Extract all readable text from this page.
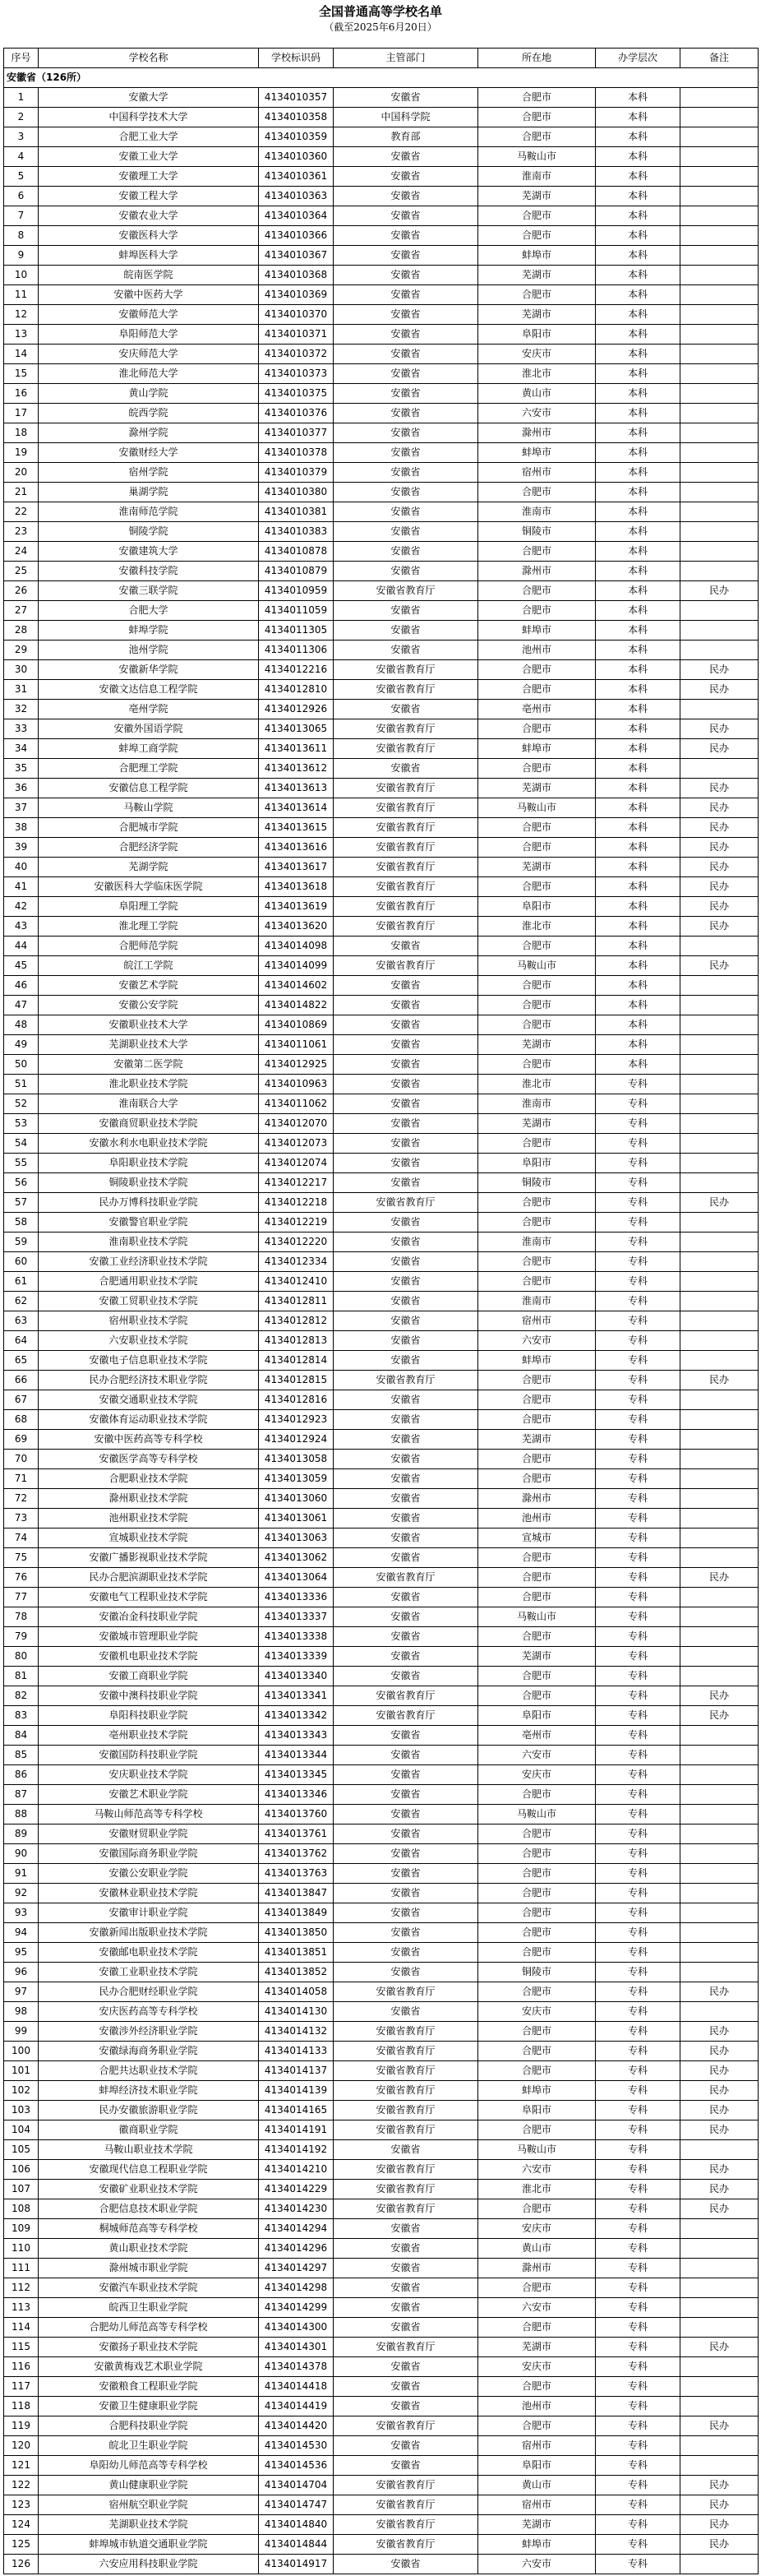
全国普通高等学校名单
（截至2025年6月20日）
序号	学校名称	学校标识码	主管部门	所在地	办学层次	备注
安徽省（126所）						
1	安徽大学	4134010357	安徽省	合肥市	本科	
2	中国科学技术大学	4134010358	中国科学院	合肥市	本科	
3	合肥工业大学	4134010359	教育部	合肥市	本科	
4	安徽工业大学	4134010360	安徽省	马鞍山市	本科	
5	安徽理工大学	4134010361	安徽省	淮南市	本科	
6	安徽工程大学	4134010363	安徽省	芜湖市	本科	
7	安徽农业大学	4134010364	安徽省	合肥市	本科	
8	安徽医科大学	4134010366	安徽省	合肥市	本科	
9	蚌埠医科大学	4134010367	安徽省	蚌埠市	本科	
10	皖南医学院	4134010368	安徽省	芜湖市	本科	
11	安徽中医药大学	4134010369	安徽省	合肥市	本科	
12	安徽师范大学	4134010370	安徽省	芜湖市	本科	
13	阜阳师范大学	4134010371	安徽省	阜阳市	本科	
14	安庆师范大学	4134010372	安徽省	安庆市	本科	
15	淮北师范大学	4134010373	安徽省	淮北市	本科	
16	黄山学院	4134010375	安徽省	黄山市	本科	
17	皖西学院	4134010376	安徽省	六安市	本科	
18	滁州学院	4134010377	安徽省	滁州市	本科	
19	安徽财经大学	4134010378	安徽省	蚌埠市	本科	
20	宿州学院	4134010379	安徽省	宿州市	本科	
21	巢湖学院	4134010380	安徽省	合肥市	本科	
22	淮南师范学院	4134010381	安徽省	淮南市	本科	
23	铜陵学院	4134010383	安徽省	铜陵市	本科	
24	安徽建筑大学	4134010878	安徽省	合肥市	本科	
25	安徽科技学院	4134010879	安徽省	滁州市	本科	
26	安徽三联学院	4134010959	安徽省教育厅	合肥市	本科	民办
27	合肥大学	4134011059	安徽省	合肥市	本科	
28	蚌埠学院	4134011305	安徽省	蚌埠市	本科	
29	池州学院	4134011306	安徽省	池州市	本科	
30	安徽新华学院	4134012216	安徽省教育厅	合肥市	本科	民办
31	安徽文达信息工程学院	4134012810	安徽省教育厅	合肥市	本科	民办
32	亳州学院	4134012926	安徽省	亳州市	本科	
33	安徽外国语学院	4134013065	安徽省教育厅	合肥市	本科	民办
34	蚌埠工商学院	4134013611	安徽省教育厅	蚌埠市	本科	民办
35	合肥理工学院	4134013612	安徽省	合肥市	本科	
36	安徽信息工程学院	4134013613	安徽省教育厅	芜湖市	本科	民办
37	马鞍山学院	4134013614	安徽省教育厅	马鞍山市	本科	民办
38	合肥城市学院	4134013615	安徽省教育厅	合肥市	本科	民办
39	合肥经济学院	4134013616	安徽省教育厅	合肥市	本科	民办
40	芜湖学院	4134013617	安徽省教育厅	芜湖市	本科	民办
41	安徽医科大学临床医学院	4134013618	安徽省教育厅	合肥市	本科	民办
42	阜阳理工学院	4134013619	安徽省教育厅	阜阳市	本科	民办
43	淮北理工学院	4134013620	安徽省教育厅	淮北市	本科	民办
44	合肥师范学院	4134014098	安徽省	合肥市	本科	
45	皖江工学院	4134014099	安徽省教育厅	马鞍山市	本科	民办
46	安徽艺术学院	4134014602	安徽省	合肥市	本科	
47	安徽公安学院	4134014822	安徽省	合肥市	本科	
48	安徽职业技术大学	4134010869	安徽省	合肥市	本科	
49	芜湖职业技术大学	4134011061	安徽省	芜湖市	本科	
50	安徽第二医学院	4134012925	安徽省	合肥市	本科	
51	淮北职业技术学院	4134010963	安徽省	淮北市	专科	
52	淮南联合大学	4134011062	安徽省	淮南市	专科	
53	安徽商贸职业技术学院	4134012070	安徽省	芜湖市	专科	
54	安徽水利水电职业技术学院	4134012073	安徽省	合肥市	专科	
55	阜阳职业技术学院	4134012074	安徽省	阜阳市	专科	
56	铜陵职业技术学院	4134012217	安徽省	铜陵市	专科	
57	民办万博科技职业学院	4134012218	安徽省教育厅	合肥市	专科	民办
58	安徽警官职业学院	4134012219	安徽省	合肥市	专科	
59	淮南职业技术学院	4134012220	安徽省	淮南市	专科	
60	安徽工业经济职业技术学院	4134012334	安徽省	合肥市	专科	
61	合肥通用职业技术学院	4134012410	安徽省	合肥市	专科	
62	安徽工贸职业技术学院	4134012811	安徽省	淮南市	专科	
63	宿州职业技术学院	4134012812	安徽省	宿州市	专科	
64	六安职业技术学院	4134012813	安徽省	六安市	专科	
65	安徽电子信息职业技术学院	4134012814	安徽省	蚌埠市	专科	
66	民办合肥经济技术职业学院	4134012815	安徽省教育厅	合肥市	专科	民办
67	安徽交通职业技术学院	4134012816	安徽省	合肥市	专科	
68	安徽体育运动职业技术学院	4134012923	安徽省	合肥市	专科	
69	安徽中医药高等专科学校	4134012924	安徽省	芜湖市	专科	
70	安徽医学高等专科学校	4134013058	安徽省	合肥市	专科	
71	合肥职业技术学院	4134013059	安徽省	合肥市	专科	
72	滁州职业技术学院	4134013060	安徽省	滁州市	专科	
73	池州职业技术学院	4134013061	安徽省	池州市	专科	
74	宣城职业技术学院	4134013063	安徽省	宣城市	专科	
75	安徽广播影视职业技术学院	4134013062	安徽省	合肥市	专科	
76	民办合肥滨湖职业技术学院	4134013064	安徽省教育厅	合肥市	专科	民办
77	安徽电气工程职业技术学院	4134013336	安徽省	合肥市	专科	
78	安徽冶金科技职业学院	4134013337	安徽省	马鞍山市	专科	
79	安徽城市管理职业学院	4134013338	安徽省	合肥市	专科	
80	安徽机电职业技术学院	4134013339	安徽省	芜湖市	专科	
81	安徽工商职业学院	4134013340	安徽省	合肥市	专科	
82	安徽中澳科技职业学院	4134013341	安徽省教育厅	合肥市	专科	民办
83	阜阳科技职业学院	4134013342	安徽省教育厅	阜阳市	专科	民办
84	亳州职业技术学院	4134013343	安徽省	亳州市	专科	
85	安徽国防科技职业学院	4134013344	安徽省	六安市	专科	
86	安庆职业技术学院	4134013345	安徽省	安庆市	专科	
87	安徽艺术职业学院	4134013346	安徽省	合肥市	专科	
88	马鞍山师范高等专科学校	4134013760	安徽省	马鞍山市	专科	
89	安徽财贸职业学院	4134013761	安徽省	合肥市	专科	
90	安徽国际商务职业学院	4134013762	安徽省	合肥市	专科	
91	安徽公安职业学院	4134013763	安徽省	合肥市	专科	
92	安徽林业职业技术学院	4134013847	安徽省	合肥市	专科	
93	安徽审计职业学院	4134013849	安徽省	合肥市	专科	
94	安徽新闻出版职业技术学院	4134013850	安徽省	合肥市	专科	
95	安徽邮电职业技术学院	4134013851	安徽省	合肥市	专科	
96	安徽工业职业技术学院	4134013852	安徽省	铜陵市	专科	
97	民办合肥财经职业学院	4134014058	安徽省教育厅	合肥市	专科	民办
98	安庆医药高等专科学校	4134014130	安徽省	安庆市	专科	
99	安徽涉外经济职业学院	4134014132	安徽省教育厅	合肥市	专科	民办
100	安徽绿海商务职业学院	4134014133	安徽省教育厅	合肥市	专科	民办
101	合肥共达职业技术学院	4134014137	安徽省教育厅	合肥市	专科	民办
102	蚌埠经济技术职业学院	4134014139	安徽省教育厅	蚌埠市	专科	民办
103	民办安徽旅游职业学院	4134014165	安徽省教育厅	阜阳市	专科	民办
104	徽商职业学院	4134014191	安徽省教育厅	合肥市	专科	民办
105	马鞍山职业技术学院	4134014192	安徽省	马鞍山市	专科	
106	安徽现代信息工程职业学院	4134014210	安徽省教育厅	六安市	专科	民办
107	安徽矿业职业技术学院	4134014229	安徽省教育厅	淮北市	专科	民办
108	合肥信息技术职业学院	4134014230	安徽省教育厅	合肥市	专科	民办
109	桐城师范高等专科学校	4134014294	安徽省	安庆市	专科	
110	黄山职业技术学院	4134014296	安徽省	黄山市	专科	
111	滁州城市职业学院	4134014297	安徽省	滁州市	专科	
112	安徽汽车职业技术学院	4134014298	安徽省	合肥市	专科	
113	皖西卫生职业学院	4134014299	安徽省	六安市	专科	
114	合肥幼儿师范高等专科学校	4134014300	安徽省	合肥市	专科	
115	安徽扬子职业技术学院	4134014301	安徽省教育厅	芜湖市	专科	民办
116	安徽黄梅戏艺术职业学院	4134014378	安徽省	安庆市	专科	
117	安徽粮食工程职业学院	4134014418	安徽省	合肥市	专科	
118	安徽卫生健康职业学院	4134014419	安徽省	池州市	专科	
119	合肥科技职业学院	4134014420	安徽省教育厅	合肥市	专科	民办
120	皖北卫生职业学院	4134014530	安徽省	宿州市	专科	
121	阜阳幼儿师范高等专科学校	4134014536	安徽省	阜阳市	专科	
122	黄山健康职业学院	4134014704	安徽省教育厅	黄山市	专科	民办
123	宿州航空职业学院	4134014747	安徽省教育厅	宿州市	专科	民办
124	芜湖职业技术学院	4134014840	安徽省教育厅	芜湖市	专科	民办
125	蚌埠城市轨道交通职业学院	4134014844	安徽省教育厅	蚌埠市	专科	民办
126	六安应用科技职业学院	4134014917	安徽省	六安市	专科	
